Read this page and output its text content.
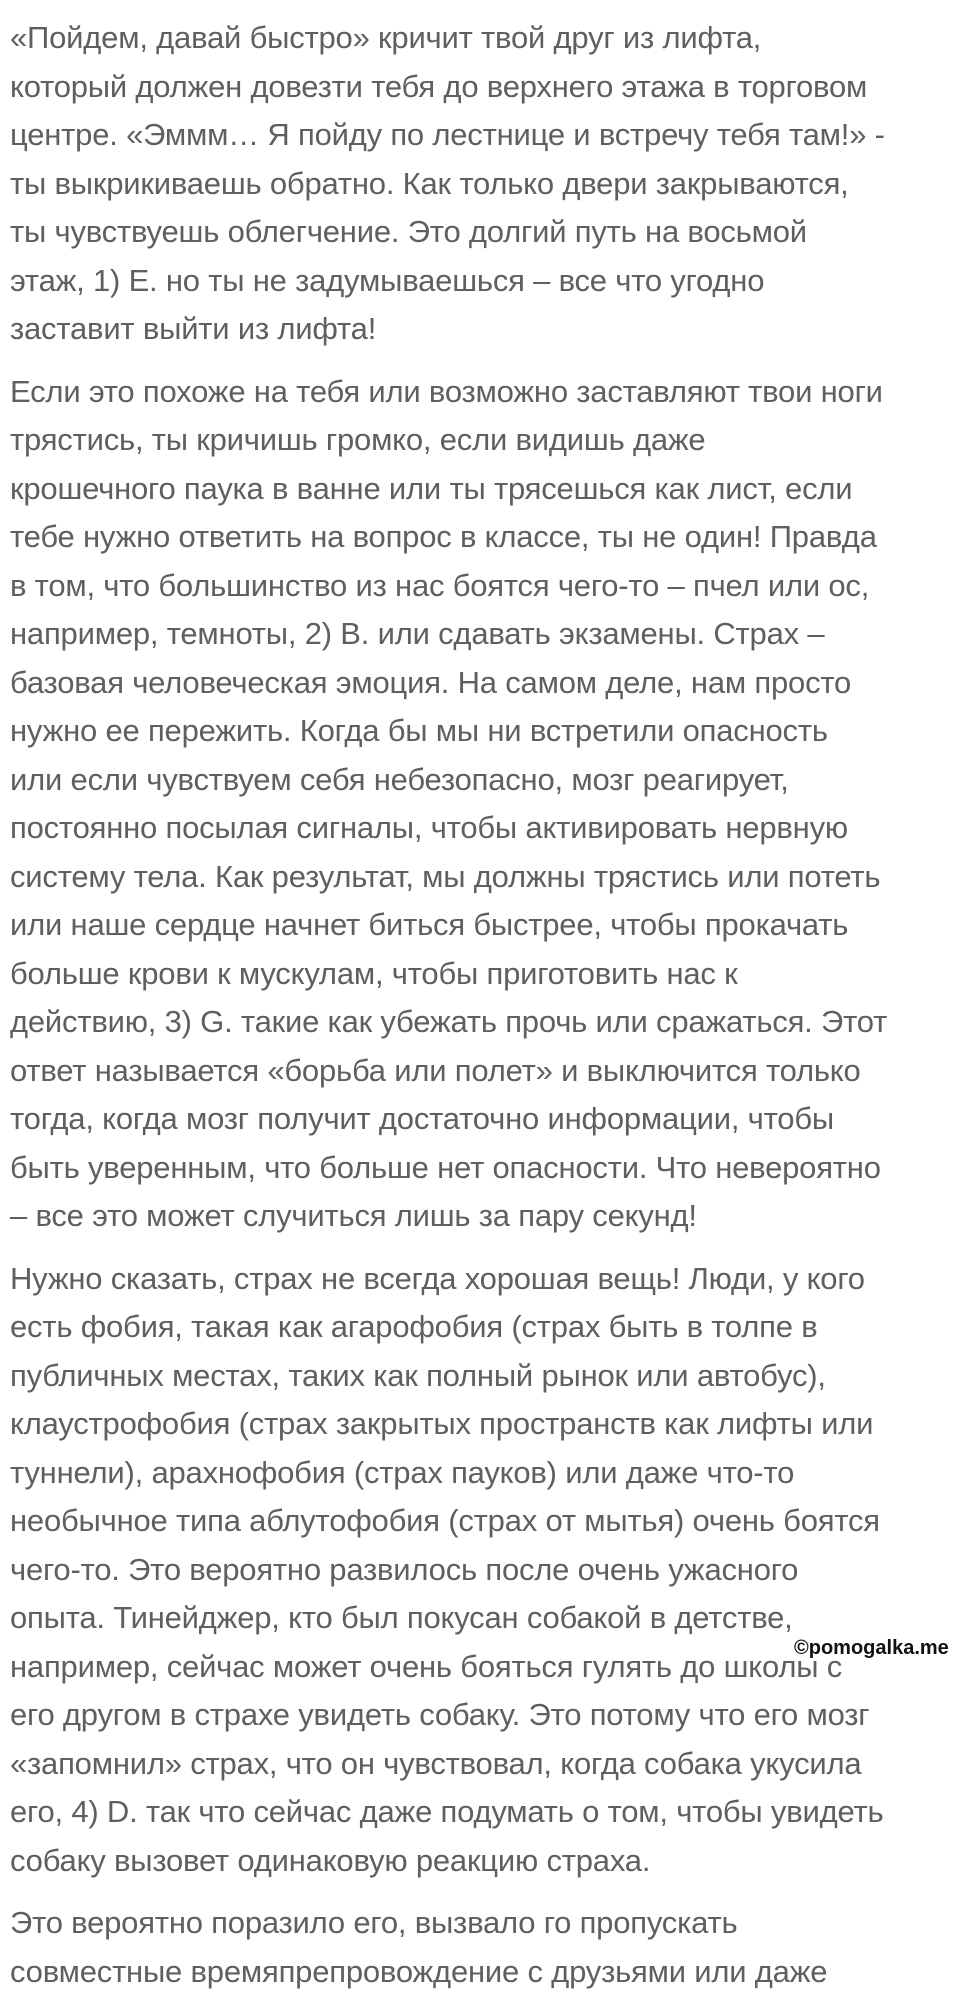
«Пойдем, давай быстро» кричит твой друг из лифта,
который должен довезти тебя до верхнего этажа в торговом
центре. «Эммм… Я пойду по лестнице и встречу тебя там!» -
ты выкрикиваешь обратно. Как только двери закрываются,
ты чувствуешь облегчение. Это долгий путь на восьмой
этаж, 1) E. но ты не задумываешься – все что угодно
заставит выйти из лифта!

Если это похоже на тебя или возможно заставляют твои ноги
трястись, ты кричишь громко, если видишь даже
крошечного паука в ванне или ты трясешься как лист, если
тебе нужно ответить на вопрос в классе, ты не один! Правда
в том, что большинство из нас боятся чего-то – пчел или ос,
например, темноты, 2) B. или сдавать экзамены. Страх –
базовая человеческая эмоция. На самом деле, нам просто
нужно ее пережить. Когда бы мы ни встретили опасность
или если чувствуем себя небезопасно, мозг реагирует,
постоянно посылая сигналы, чтобы активировать нервную
систему тела. Как результат, мы должны трястись или потеть
или наше сердце начнет биться быстрее, чтобы прокачать
больше крови к мускулам, чтобы приготовить нас к
действию, 3) G. такие как убежать прочь или сражаться. Этот
ответ называется «борьба или полет» и выключится только
тогда, когда мозг получит достаточно информации, чтобы
быть уверенным, что больше нет опасности. Что невероятно
– все это может случиться лишь за пару секунд!

Нужно сказать, страх не всегда хорошая вещь! Люди, у кого
есть фобия, такая как агарофобия (страх быть в толпе в
публичных местах, таких как полный рынок или автобус),
клаустрофобия (страх закрытых пространств как лифты или
туннели), арахнофобия (страх пауков) или даже что-то
необычное типа аблутофобия (страх от мытья) очень боятся
чего-то. Это вероятно развилось после очень ужасного
опыта. Тинейджер, кто был покусан собакой в детстве,
например, сейчас может очень бояться гулять до школы с
его другом в страхе увидеть собаку. Это потому что его мозг
«запомнил» страх, что он чувствовал, когда собака укусила
его, 4) D. так что сейчас даже подумать о том, чтобы увидеть
собаку вызовет одинаковую реакцию страха.

Это вероятно поразило его, вызвало го пропускать
совместные времяпрепровождение с друзьями или даже

©pomogalka.me
